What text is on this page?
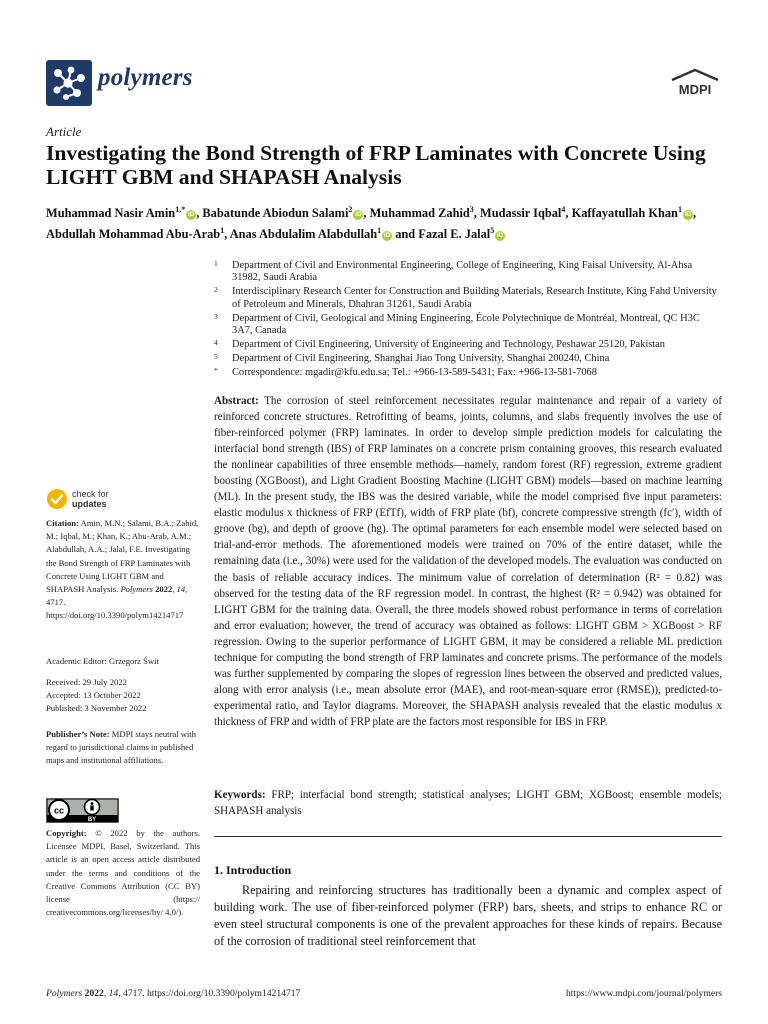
polymers	MDPI
Article
Investigating the Bond Strength of FRP Laminates with Concrete Using LIGHT GBM and SHAPASH Analysis
Muhammad Nasir Amin$^{1,*}$iD , Babatunde Abiodun Salami$^2$iD , Muhammad Zahid$^3$, Mudassir Iqbal$^4$, Kaffayatullah Khan$^1$iD , Abdullah Mohammad Abu-Arab$^1$, Anas Abdulalim Alabdullah$^1$iD and Fazal E. Jalal$^5$iD
1 Department of Civil and Environmental Engineering, College of Engineering, King Faisal University, Al-Ahsa 31982, Saudi Arabia
2 Interdisciplinary Research Center for Construction and Building Materials, Research Institute, King Fahd University of Petroleum and Minerals, Dhahran 31261, Saudi Arabia
3 Department of Civil, Geological and Mining Engineering, École Polytechnique de Montréal, Montreal, QC H3C 3A7, Canada
4 Department of Civil Engineering, University of Engineering and Technology, Peshawar 25120, Pakistan
5 Department of Civil Engineering, Shanghai Jiao Tong University, Shanghai 200240, China
* Correspondence: mgadir@kfu.edu.sa; Tel.: +966-13-589-5431; Fax: +966-13-581-7068
Abstract: The corrosion of steel reinforcement necessitates regular maintenance and repair of a variety of reinforced concrete structures. Retrofitting of beams, joints, columns, and slabs frequently involves the use of fiber-reinforced polymer (FRP) laminates. In order to develop simple prediction models for calculating the interfacial bond strength (IBS) of FRP laminates on a concrete prism containing grooves, this research evaluated the nonlinear capabilities of three ensemble methods—namely, random forest (RF) regression, extreme gradient boosting (XGBoost), and Light Gradient Boosting Machine (LIGHT GBM) models—based on machine learning (ML). In the present study, the IBS was the desired variable, while the model comprised five input parameters: elastic modulus x thickness of FRP (EfTf), width of FRP plate (bf), concrete compressive strength (fc′), width of groove (bg), and depth of groove (hg). The optimal parameters for each ensemble model were selected based on trial-and-error methods. The aforementioned models were trained on 70% of the entire dataset, while the remaining data (i.e., 30%) were used for the validation of the developed models. The evaluation was conducted on the basis of reliable accuracy indices. The minimum value of correlation of determination (R² = 0.82) was observed for the testing data of the RF regression model. In contrast, the highest (R² = 0.942) was obtained for LIGHT GBM for the training data. Overall, the three models showed robust performance in terms of correlation and error evaluation; however, the trend of accuracy was obtained as follows: LIGHT GBM > XGBoost > RF regression. Owing to the superior performance of LIGHT GBM, it may be considered a reliable ML prediction technique for computing the bond strength of FRP laminates and concrete prisms. The performance of the models was further supplemented by comparing the slopes of regression lines between the observed and predicted values, along with error analysis (i.e., mean absolute error (MAE), and root-mean-square error (RMSE)), predicted-to-experimental ratio, and Taylor diagrams. Moreover, the SHAPASH analysis revealed that the elastic modulus x thickness of FRP and width of FRP plate are the factors most responsible for IBS in FRP.
Keywords: FRP; interfacial bond strength; statistical analyses; LIGHT GBM; XGBoost; ensemble models; SHAPASH analysis
1. Introduction

Repairing and reinforcing structures has traditionally been a dynamic and complex aspect of building work. The use of fiber-reinforced polymer (FRP) bars, sheets, and strips to enhance RC or even steel structural components is one of the prevalent approaches for these kinds of repairs. Because of the corrosion of traditional steel reinforcement that

check for
updates
Citation: Amin, M.N.; Salami, B.A.; Zahid, M.; Iqbal, M.; Khan, K.; Abu-Arab, A.M.; Alabdullah, A.A.; Jalal, F.E. Investigating the Bond Strength of FRP Laminates with Concrete Using LIGHT GBM and SHAPASH Analysis. Polymers 2022, 14, 4717. https://doi.org/10.3390/polym14214717
Academic Editor: Grzegorz Świt
Received: 29 July 2022
Accepted: 13 October 2022
Published: 3 November 2022
Publisher’s Note: MDPI stays neutral with regard to jurisdictional claims in published maps and institutional affiliations.
cc
BY
Copyright: © 2022 by the authors. Licensee MDPI, Basel, Switzerland. This article is an open access article distributed under the terms and conditions of the Creative Commons Attribution (CC BY) license (https:// creativecommons.org/licenses/by/ 4.0/).
Polymers 2022, 14, 4717. https://doi.org/10.3390/polym14214717	https://www.mdpi.com/journal/polymers
